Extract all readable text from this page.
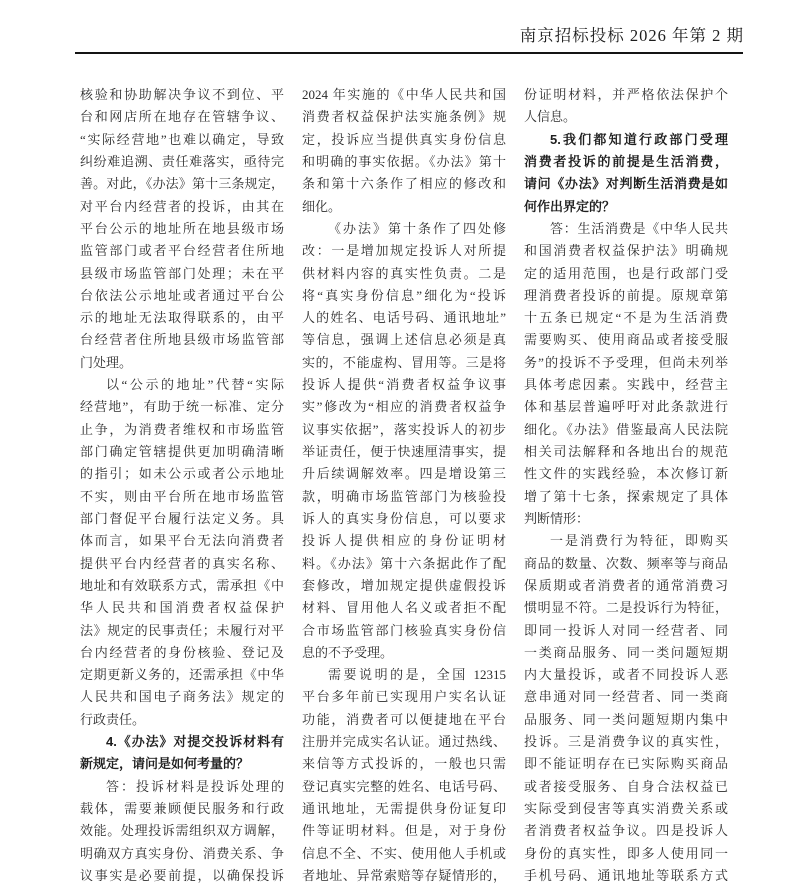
南京招标投标 2026 年第 2 期
核验和协助解决争议不到位、平
台和网店所在地存在管辖争议、
“实际经营地”也难以确定，导致
纠纷难追溯、责任难落实，亟待完
善。对此，《办法》第十三条规定，
对平台内经营者的投诉，由其在
平台公示的地址所在地县级市场
监管部门或者平台经营者住所地
县级市场监管部门处理；未在平
台依法公示地址或者通过平台公
示的地址无法取得联系的，由平
台经营者住所地县级市场监管部
门处理。
以“公示的地址”代替“实际
经营地”，有助于统一标准、定分
止争，为消费者维权和市场监管
部门确定管辖提供更加明确清晰
的指引；如未公示或者公示地址
不实，则由平台所在地市场监管
部门督促平台履行法定义务。具
体而言，如果平台无法向消费者
提供平台内经营者的真实名称、
地址和有效联系方式，需承担《中
华人民共和国消费者权益保护
法》规定的民事责任；未履行对平
台内经营者的身份核验、登记及
定期更新义务的，还需承担《中华
人民共和国电子商务法》规定的
行政责任。
4.《办法》对提交投诉材料有
新规定，请问是如何考量的？
答：投诉材料是投诉处理的
载体，需要兼顾便民服务和行政
效能。处理投诉需组织双方调解，
明确双方真实身份、消费关系、争
议事实是必要前提，以确保投诉
2024 年实施的《中华人民共和国
消费者权益保护法实施条例》规
定，投诉应当提供真实身份信息
和明确的事实依据。《办法》第十
条和第十六条作了相应的修改和
细化。
《办法》第十条作了四处修
改：一是增加规定投诉人对所提
供材料内容的真实性负责。二是
将“真实身份信息”细化为“投诉
人的姓名、电话号码、通讯地址”
等信息，强调上述信息必须是真
实的，不能虚构、冒用等。三是将
投诉人提供“消费者权益争议事
实”修改为“相应的消费者权益争
议事实依据”，落实投诉人的初步
举证责任，便于快速厘清事实，提
升后续调解效率。四是增设第三
款，明确市场监管部门为核验投
诉人的真实身份信息，可以要求
投诉人提供相应的身份证明材
料。《办法》第十六条据此作了配
套修改，增加规定提供虚假投诉
材料、冒用他人名义或者拒不配
合市场监管部门核验真实身份信
息的不予受理。
需要说明的是，全国 12315
平台多年前已实现用户实名认证
功能，消费者可以便捷地在平台
注册并完成实名认证。通过热线、
来信等方式投诉的，一般也只需
登记真实完整的姓名、电话号码、
通讯地址，无需提供身份证复印
件等证明材料。但是，对于身份
信息不全、不实、使用他人手机或
者地址、异常索赔等存疑情形的，
份证明材料，并严格依法保护个
人信息。
5.我们都知道行政部门受理
消费者投诉的前提是生活消费，
请问《办法》对判断生活消费是如
何作出界定的？
答：生活消费是《中华人民共
和国消费者权益保护法》明确规
定的适用范围，也是行政部门受
理消费者投诉的前提。原规章第
十五条已规定“不是为生活消费
需要购买、使用商品或者接受服
务”的投诉不予受理，但尚未列举
具体考虑因素。实践中，经营主
体和基层普遍呼吁对此条款进行
细化。《办法》借鉴最高人民法院
相关司法解释和各地出台的规范
性文件的实践经验，本次修订新
增了第十七条，探索规定了具体
判断情形：
一是消费行为特征，即购买
商品的数量、次数、频率等与商品
保质期或者消费者的通常消费习
惯明显不符。二是投诉行为特征，
即同一投诉人对同一经营者、同
一类商品服务、同一类问题短期
内大量投诉，或者不同投诉人恶
意串通对同一经营者、同一类商
品服务、同一类问题短期内集中
投诉。三是消费争议的真实性，
即不能证明存在已实际购买商品
或者接受服务、自身合法权益已
实际受到侵害等真实消费关系或
者消费者权益争议。四是投诉人
身份的真实性，即多人使用同一
手机号码、通讯地址等联系方式
